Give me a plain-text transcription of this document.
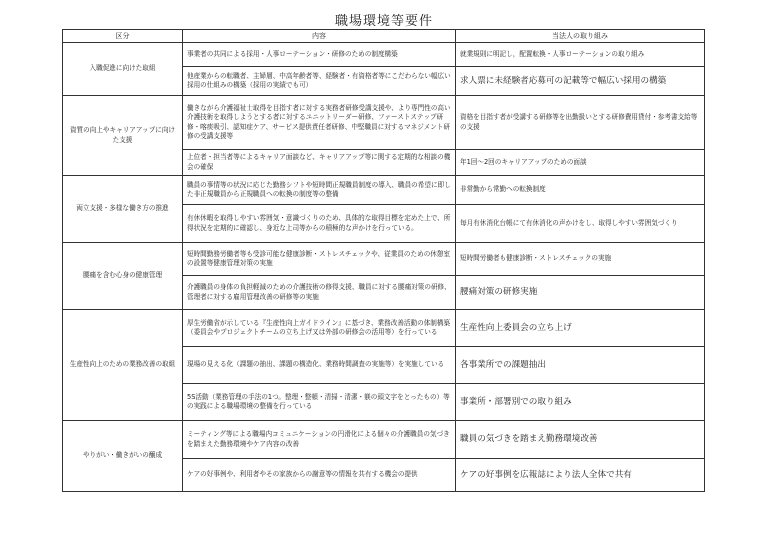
職場環境等要件
区分	内容	当法人の取り組み
入職促進に向けた取組	事業者の共同による採用・人事ローテーション・研修のための制度構築	就業規則に明記し，配置転換・人事ローテーションの取り組み
	他産業からの転職者、主婦層、中高年齢者等、経験者・有資格者等にこだわらない幅広い採用の仕組みの構築（採用の実績でも可）	求人票に未経験者応募可の記載等で幅広い採用の構築
資質の向上やキャリアアップに向けた支援	働きながら介護福祉士取得を目指す者に対する実務者研修受講支援や、より専門性の高い介護技術を取得しようとする者に対するユニットリーダー研修、ファーストステップ研修・喀痰吸引、認知症ケア、サービス提供責任者研修、中堅職員に対するマネジメント研修の受講支援等	資格を目指す者が受講する研修等を出勤扱いとする研修費用貸付・参考書支給等の支援
	上位者・担当者等によるキャリア面談など、キャリアアップ等に関する定期的な相談の機会の確保	年1回～2回のキャリアアップのための面談
両立支援・多様な働き方の推進	職員の事情等の状況に応じた勤務シフトや短時間正規職員制度の導入、職員の希望に即した非正規職員から正規職員への転換の制度等の整備	非常勤から常勤への転換制度
	有休休暇を取得しやすい雰囲気・意識づくりのため、具体的な取得目標を定めた上で、所得状況を定期的に確認し、身近な上司等からの積極的な声かけを行っている。	毎月有休消化台帳にて有休消化の声かけをし、取得しやすい雰囲気づくり
腰痛を含む心身の健康管理	短時間勤務労働者等も受診可能な健康診断・ストレスチェックや、従業員のための休憩室の設置等健康管理対策の実施	短時間労働者も健康診断・ストレスチェックの実施
	介護職員の身体の負担軽減のための介護技術の修得支援、職員に対する腰痛対策の研修、管理者に対する雇用管理改善の研修等の実施	腰痛対策の研修実施
生産性向上のための業務改善の取組	厚生労働省が示している『生産性向上ガイドライン』に基づき、業務改善活動の体制構築（委員会やプロジェクトチームの立ち上げ又は外部の研修会の活用等）を行っている	生産性向上委員会の立ち上げ
	現場の見える化（課題の抽出、課題の構造化、業務時間調査の実施等）を実施している	各事業所での課題抽出
	5S活動（業務管理の手法の1つ。整理・整頓・清掃・清潔・躾の頭文字をとったもの）等の実践による職場環境の整備を行っている	事業所・部署別での取り組み
やりがい・働きがいの醸成	ミーティング等による職場内コミュニケーションの円滑化による個々の介護職員の気づきを踏まえた勤務環境やケア内容の改善	職員の気づきを踏まえ勤務環境改善
	ケアの好事例や、利用者やその家族からの謝意等の情報を共有する機会の提供	ケアの好事例を広報誌により法人全体で共有
